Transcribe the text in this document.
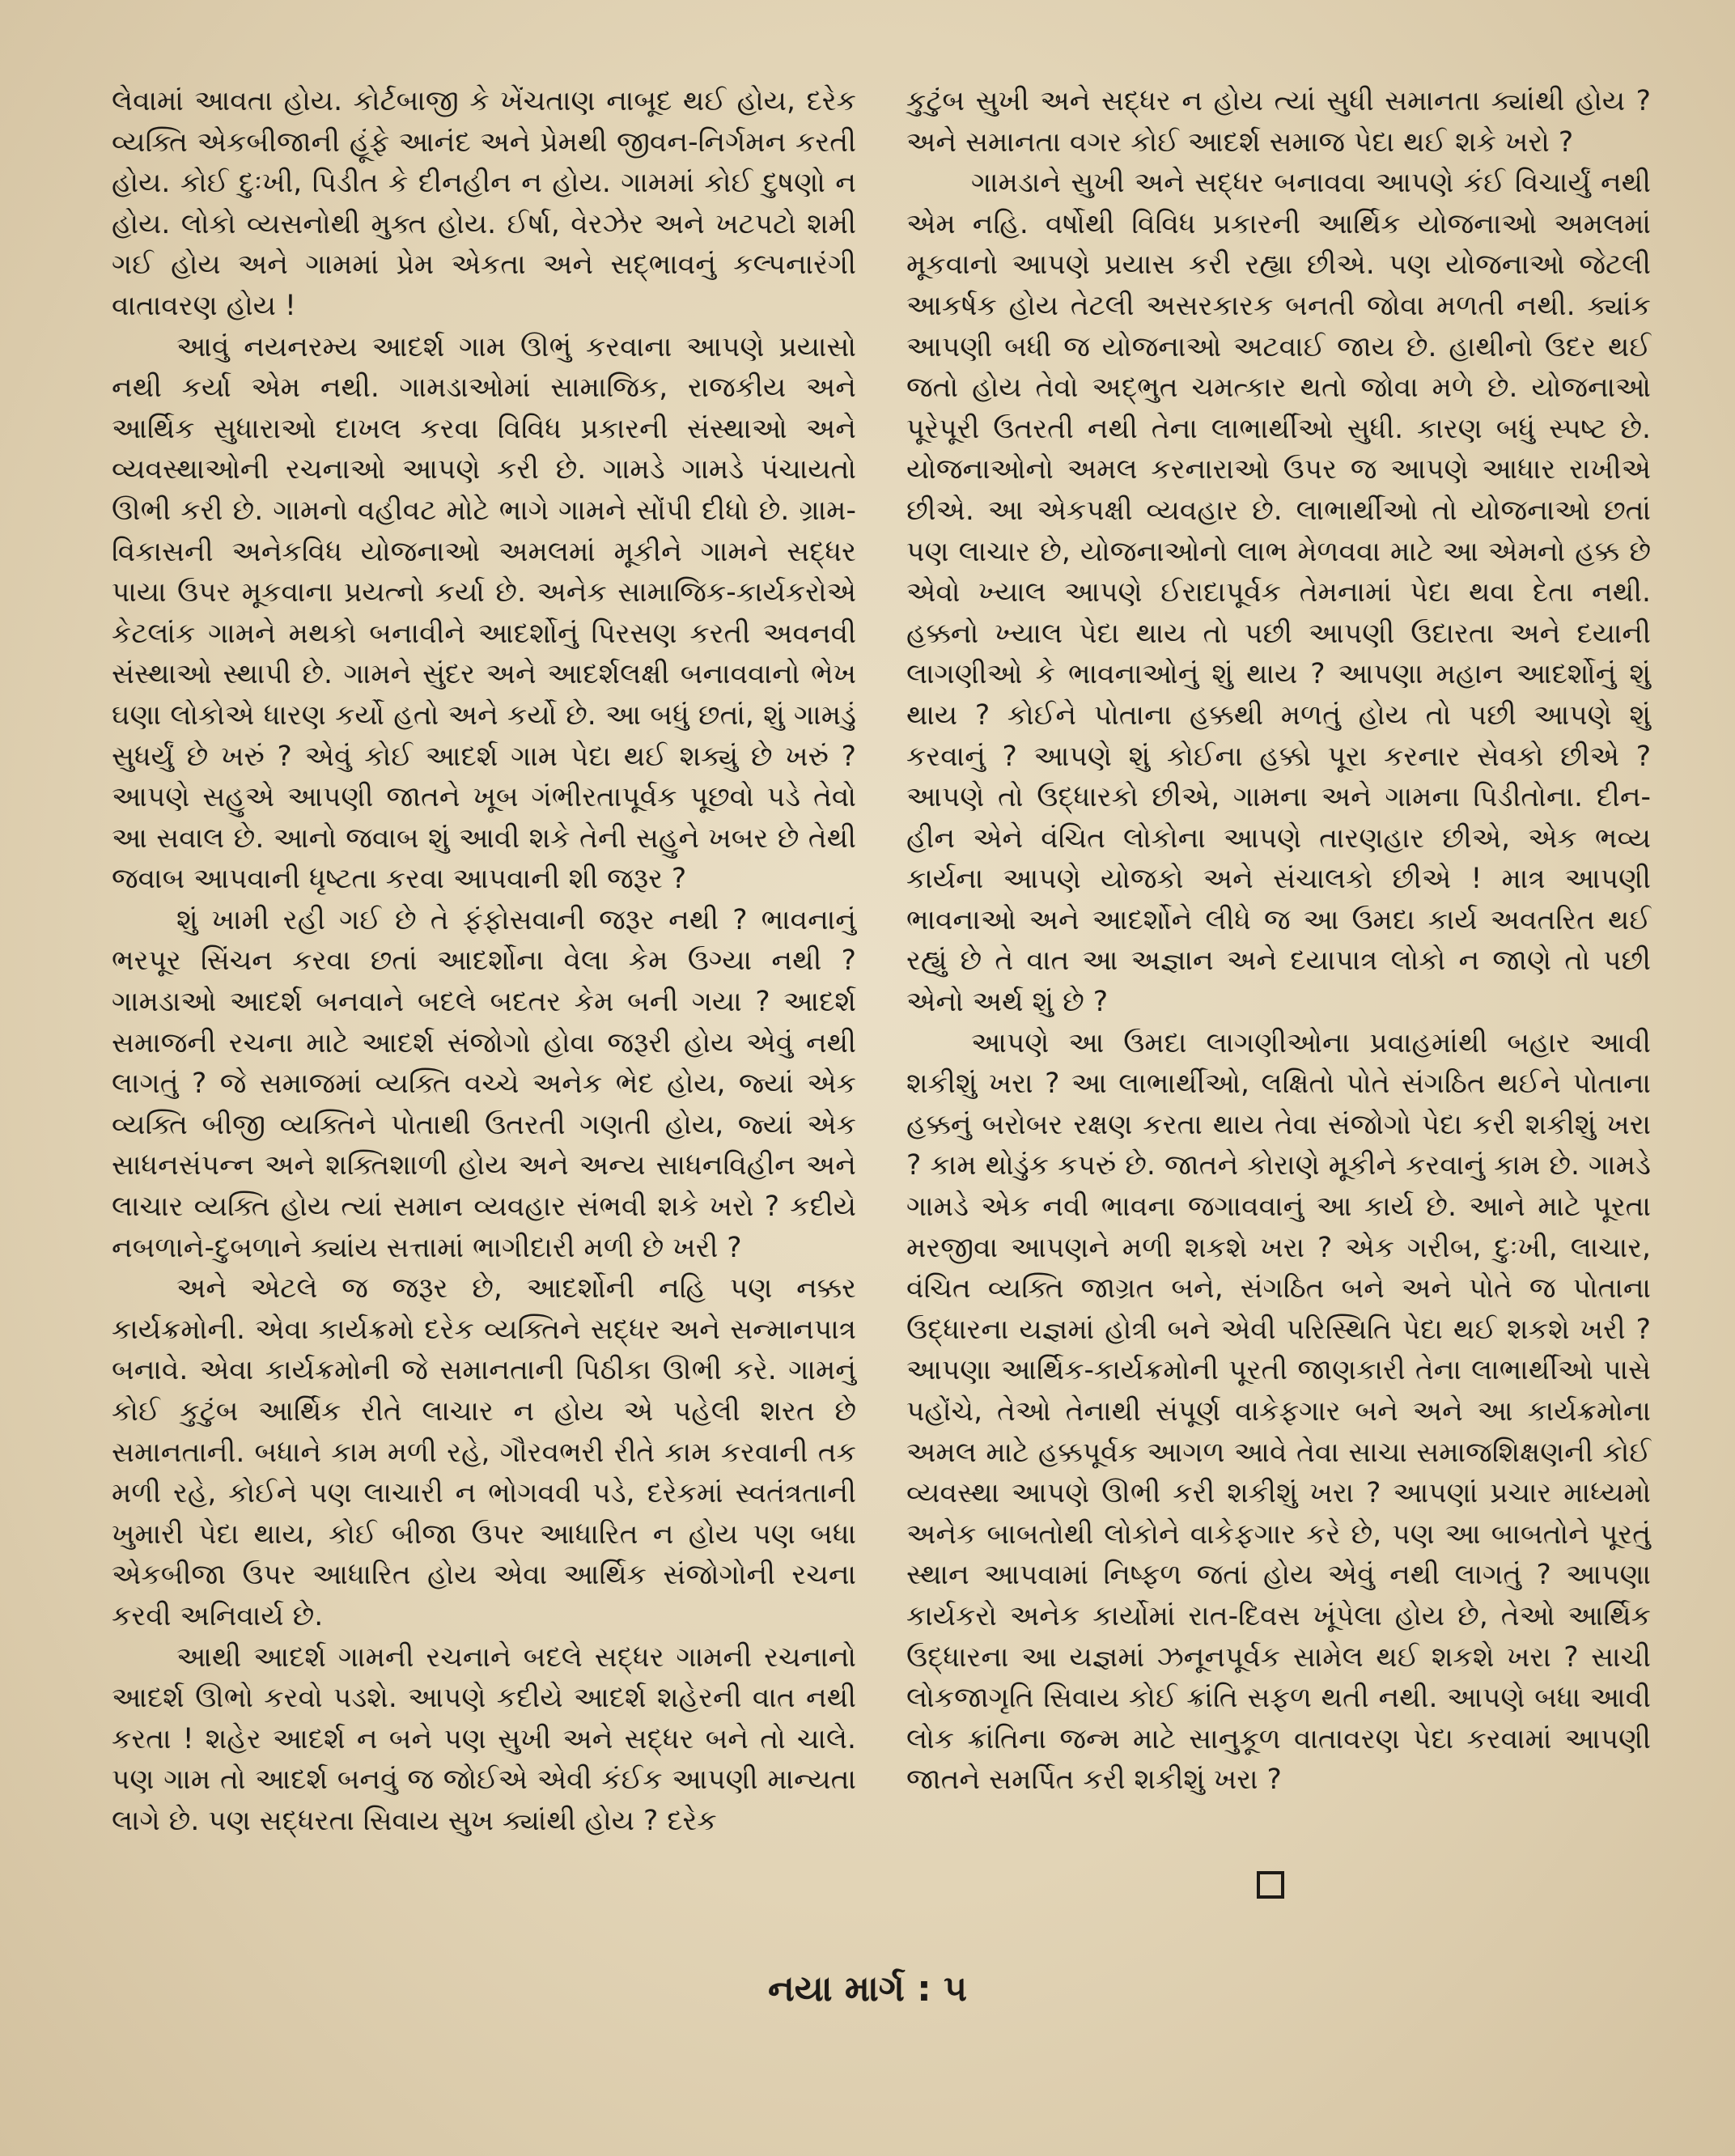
લેવામાં આવતા હોય. કોર્ટબાજી કે ખેંચતાણ નાબૂદ થઈ હોય, દરેક વ્યક્તિ એકબીજાની હૂંફે આનંદ અને પ્રેમથી જીવન-નિર્ગમન કરતી હોય. કોઈ દુઃખી, પિડીત કે દીનહીન ન હોય. ગામમાં કોઈ દુષણો ન હોય. લોકો વ્યસનોથી મુક્ત હોય. ઈર્ષા, વેરઝેર અને ખટપટો શમી ગઈ હોય અને ગામમાં પ્રેમ એકતા અને સદ્ભાવનું કલ્પનારંગી વાતાવરણ હોય !

આવું નયનરમ્ય આદર્શ ગામ ઊભું કરવાના આપણે પ્રયાસો નથી કર્યા એમ નથી. ગામડાઓમાં સામાજિક, રાજકીય અને આર્થિક સુધારાઓ દાખલ કરવા વિવિધ પ્રકારની સંસ્થાઓ અને વ્યવસ્થાઓની રચનાઓ આપણે કરી છે. ગામડે ગામડે પંચાયતો ઊભી કરી છે. ગામનો વહીવટ મોટે ભાગે ગામને સોંપી દીધો છે. ગ્રામ-વિકાસની અનેકવિધ યોજનાઓ અમલમાં મૂકીને ગામને સદ્ધર પાયા ઉપર મૂકવાના પ્રયત્નો કર્યા છે. અનેક સામાજિક-કાર્યકરોએ કેટલાંક ગામને મથકો બનાવીને આદર્શોનું પિરસણ કરતી અવનવી સંસ્થાઓ સ્થાપી છે. ગામને સુંદર અને આદર્શલક્ષી બનાવવાનો ભેખ ઘણા લોકોએ ધારણ કર્યો હતો અને કર્યો છે. આ બધું છતાં, શું ગામડું સુધર્યું છે ખરું ? એવું કોઈ આદર્શ ગામ પેદા થઈ શક્યું છે ખરું ? આપણે સહુએ આપણી જાતને ખૂબ ગંભીરતાપૂર્વક પૂછવો પડે તેવો આ સવાલ છે. આનો જવાબ શું આવી શકે તેની સહુને ખબર છે તેથી જવાબ આપવાની ધૃષ્ટતા કરવા આપવાની શી જરૂર ?

શું ખામી રહી ગઈ છે તે ફંફોસવાની જરૂર નથી ? ભાવનાનું ભરપૂર સિંચન કરવા છતાં આદર્શોના વેલા કેમ ઉગ્યા નથી ? ગામડાઓ આદર્શ બનવાને બદલે બદતર કેમ બની ગયા ? આદર્શ સમાજની રચના માટે આદર્શ સંજોગો હોવા જરૂરી હોય એવું નથી લાગતું ? જે સમાજમાં વ્યક્તિ વચ્ચે અનેક ભેદ હોય, જ્યાં એક વ્યક્તિ બીજી વ્યક્તિને પોતાથી ઉતરતી ગણતી હોય, જ્યાં એક સાધનસંપન્ન અને શક્તિશાળી હોય અને અન્ય સાધનવિહીન અને લાચાર વ્યક્તિ હોય ત્યાં સમાન વ્યવહાર સંભવી શકે ખરો ? કદીયે નબળાને-દુબળાને ક્યાંય સત્તામાં ભાગીદારી મળી છે ખરી ?

અને એટલે જ જરૂર છે, આદર્શોની નહિ પણ નક્કર કાર્યક્રમોની. એવા કાર્યક્રમો દરેક વ્યક્તિને સદ્ધર અને સન્માનપાત્ર બનાવે. એવા કાર્યક્રમોની જે સમાનતાની પિઠીકા ઊભી કરે. ગામનું કોઈ કુટુંબ આર્થિક રીતે લાચાર ન હોય એ પહેલી શરત છે સમાનતાની. બધાને કામ મળી રહે, ગૌરવભરી રીતે કામ કરવાની તક મળી રહે, કોઈને પણ લાચારી ન ભોગવવી પડે, દરેકમાં સ્વતંત્રતાની ખુમારી પેદા થાય, કોઈ બીજા ઉપર આધારિત ન હોય પણ બધા એકબીજા ઉપર આધારિત હોય એવા આર્થિક સંજોગોની રચના કરવી અનિવાર્ય છે.

આથી આદર્શ ગામની રચનાને બદલે સદ્ધર ગામની રચનાનો આદર્શ ઊભો કરવો પડશે. આપણે કદીયે આદર્શ શહેરની વાત નથી કરતા ! શહેર આદર્શ ન બને પણ સુખી અને સદ્ધર બને તો ચાલે. પણ ગામ તો આદર્શ બનવું જ જોઈએ એવી કંઈક આપણી માન્યતા લાગે છે. પણ સદ્ધરતા સિવાય સુખ ક્યાંથી હોય ? દરેક

કુટુંબ સુખી અને સદ્ધર ન હોય ત્યાં સુધી સમાનતા ક્યાંથી હોય ? અને સમાનતા વગર કોઈ આદર્શ સમાજ પેદા થઈ શકે ખરો ?

ગામડાને સુખી અને સદ્ધર બનાવવા આપણે કંઈ વિચાર્યું નથી એમ નહિ. વર્ષોથી વિવિધ પ્રકારની આર્થિક યોજનાઓ અમલમાં મૂકવાનો આપણે પ્રયાસ કરી રહ્યા છીએ. પણ યોજનાઓ જેટલી આકર્ષક હોય તેટલી અસરકારક બનતી જોવા મળતી નથી. ક્યાંક આપણી બધી જ યોજનાઓ અટવાઈ જાય છે. હાથીનો ઉદર થઈ જતો હોય તેવો અદ્ભુત ચમત્કાર થતો જોવા મળે છે. યોજનાઓ પૂરેપૂરી ઉતરતી નથી તેના લાભાર્થીઓ સુધી. કારણ બધું સ્પષ્ટ છે. યોજનાઓનો અમલ કરનારાઓ ઉપર જ આપણે આધાર રાખીએ છીએ. આ એકપક્ષી વ્યવહાર છે. લાભાર્થીઓ તો યોજનાઓ છતાં પણ લાચાર છે, યોજનાઓનો લાભ મેળવવા માટે આ એમનો હક્ક છે એવો ખ્યાલ આપણે ઈરાદાપૂર્વક તેમનામાં પેદા થવા દેતા નથી. હક્કનો ખ્યાલ પેદા થાય તો પછી આપણી ઉદારતા અને દયાની લાગણીઓ કે ભાવનાઓનું શું થાય ? આપણા મહાન આદર્શોનું શું થાય ? કોઈને પોતાના હક્કથી મળતું હોય તો પછી આપણે શું કરવાનું ? આપણે શું કોઈના હક્કો પૂરા કરનાર સેવકો છીએ ? આપણે તો ઉદ્ધારકો છીએ, ગામના અને ગામના પિડીતોના. દીન-હીન એને વંચિત લોકોના આપણે તારણહાર છીએ, એક ભવ્ય કાર્યના આપણે યોજકો અને સંચાલકો છીએ ! માત્ર આપણી ભાવનાઓ અને આદર્શોને લીધે જ આ ઉમદા કાર્ય અવતરિત થઈ રહ્યું છે તે વાત આ અજ્ઞાન અને દયાપાત્ર લોકો ન જાણે તો પછી એનો અર્થ શું છે ?

આપણે આ ઉમદા લાગણીઓના પ્રવાહમાંથી બહાર આવી શકીશું ખરા ? આ લાભાર્થીઓ, લક્ષિતો પોતે સંગઠિત થઈને પોતાના હક્કનું બરોબર રક્ષણ કરતા થાય તેવા સંજોગો પેદા કરી શકીશું ખરા ? કામ થોડુંક કપરું છે. જાતને કોરાણે મૂકીને કરવાનું કામ છે. ગામડે ગામડે એક નવી ભાવના જગાવવાનું આ કાર્ય છે. આને માટે પૂરતા મરજીવા આપણને મળી શકશે ખરા ? એક ગરીબ, દુઃખી, લાચાર, વંચિત વ્યક્તિ જાગ્રત બને, સંગઠિત બને અને પોતે જ પોતાના ઉદ્ધારના યજ્ઞમાં હોત્રી બને એવી પરિસ્થિતિ પેદા થઈ શકશે ખરી ? આપણા આર્થિક-કાર્યક્રમોની પૂરતી જાણકારી તેના લાભાર્થીઓ પાસે પહોંચે, તેઓ તેનાથી સંપૂર્ણ વાકેફગાર બને અને આ કાર્યક્રમોના અમલ માટે હક્કપૂર્વક આગળ આવે તેવા સાચા સમાજશિક્ષણની કોઈ વ્યવસ્થા આપણે ઊભી કરી શકીશું ખરા ? આપણાં પ્રચાર માધ્યમો અનેક બાબતોથી લોકોને વાકેફગાર કરે છે, પણ આ બાબતોને પૂરતું સ્થાન આપવામાં નિષ્ફળ જતાં હોય એવું નથી લાગતું ? આપણા કાર્યકરો અનેક કાર્યોમાં રાત-દિવસ ખૂંપેલા હોય છે, તેઓ આર્થિક ઉદ્ધારના આ યજ્ઞમાં ઝનૂનપૂર્વક સામેલ થઈ શકશે ખરા ? સાચી લોકજાગૃતિ સિવાય કોઈ ક્રાંતિ સફળ થતી નથી. આપણે બધા આવી લોક ક્રાંતિના જન્મ માટે સાનુકૂળ વાતાવરણ પેદા કરવામાં આપણી જાતને સમર્પિત કરી શકીશું ખરા ?

નયા માર્ગ : ૫
